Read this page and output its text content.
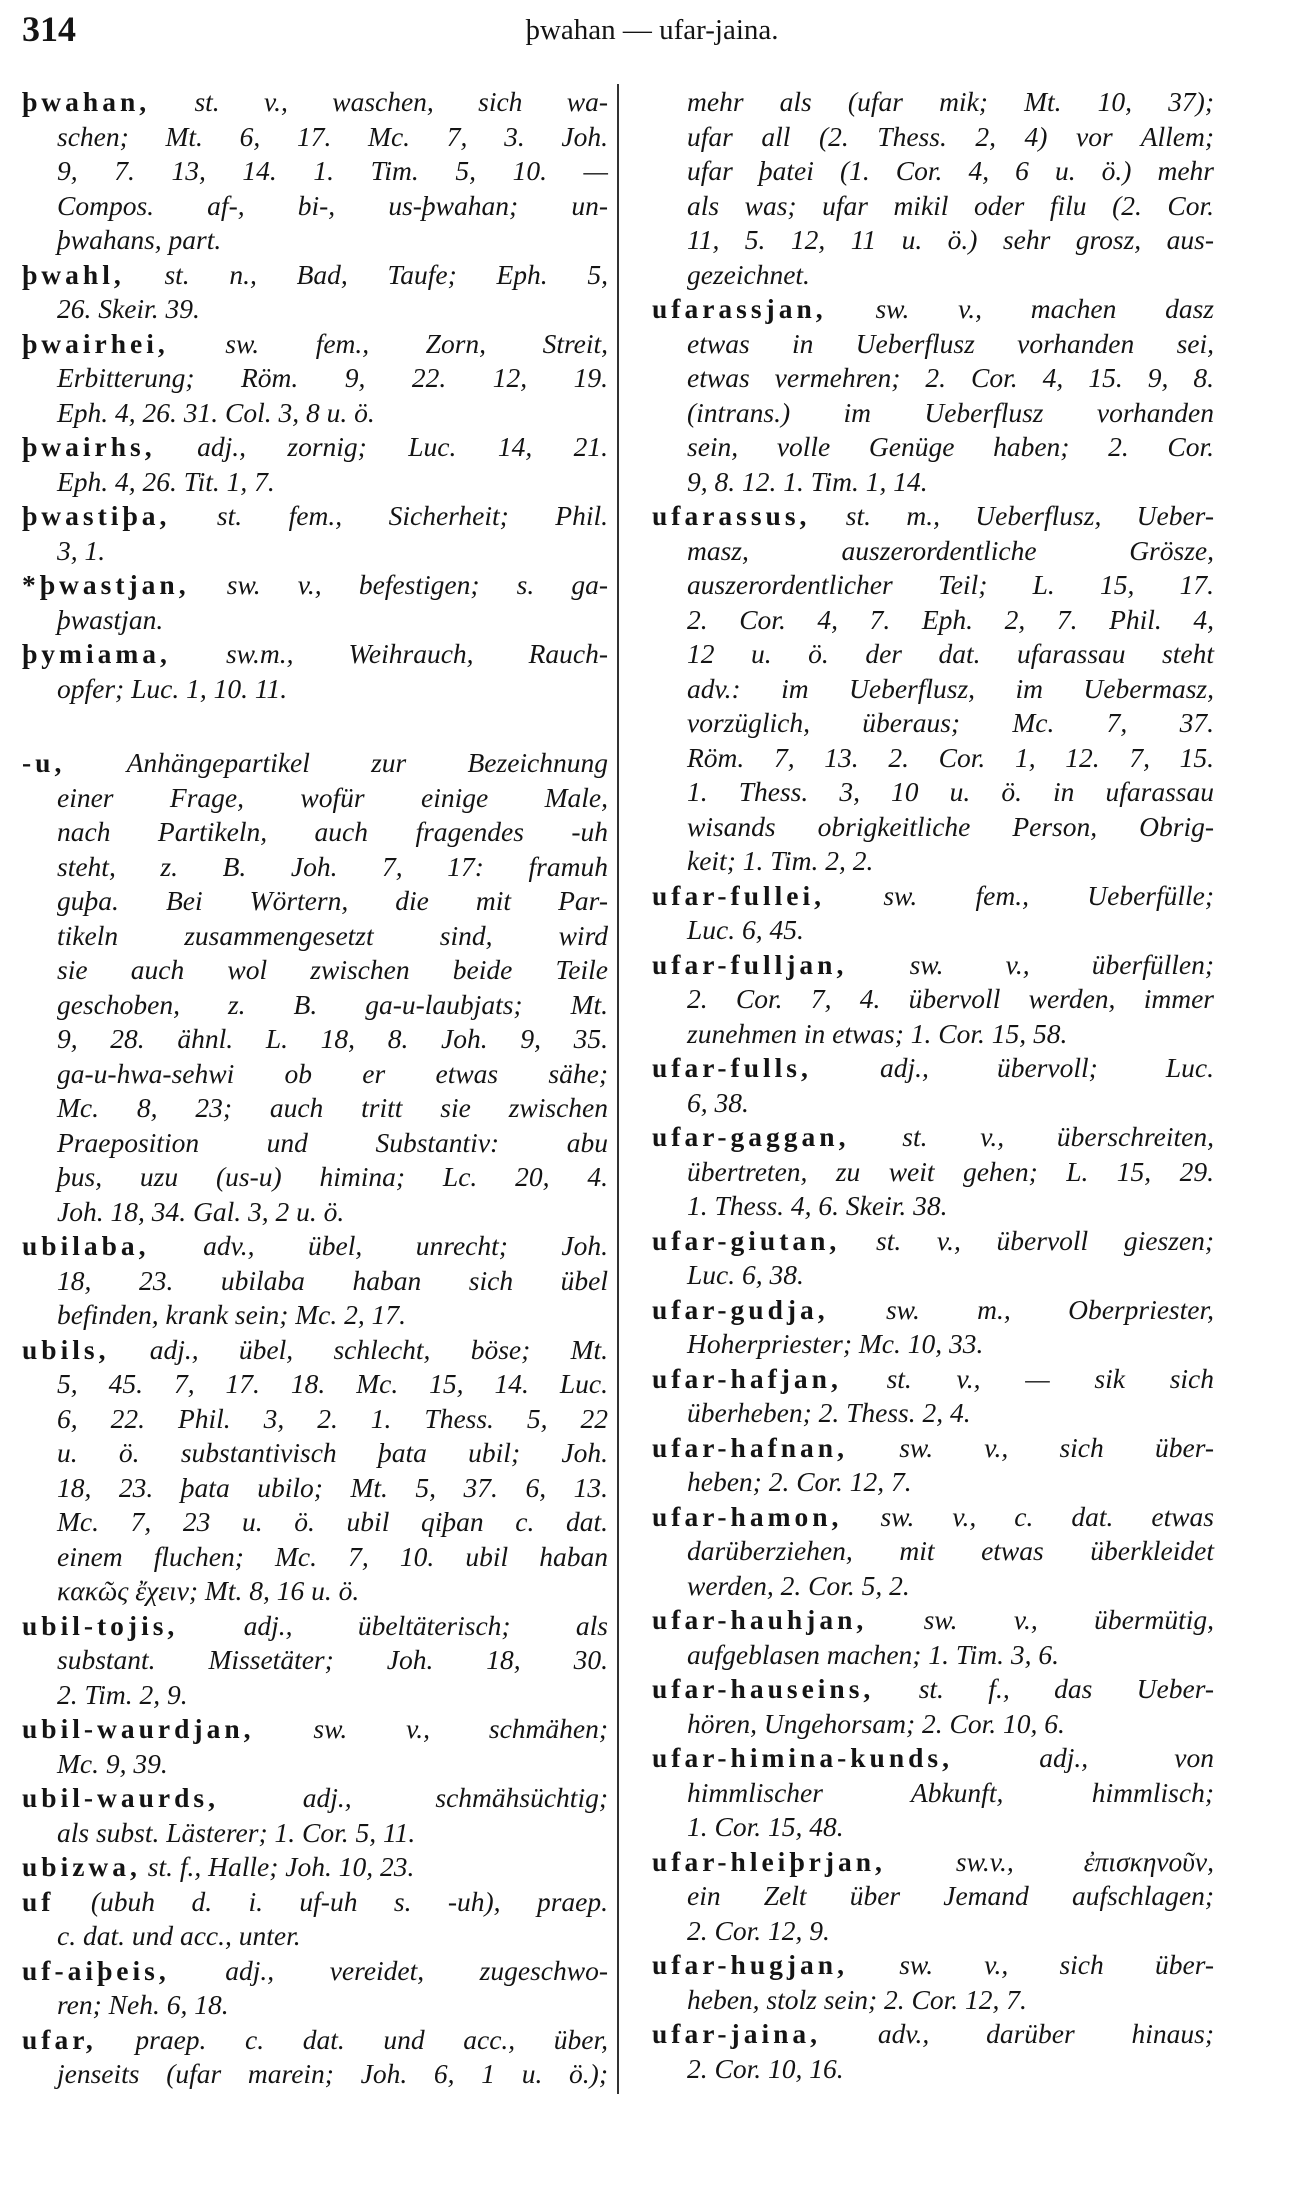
314	þwahan — ufar-jaina.
þwahan, st. v., waschen, sich wa-
schen; Mt. 6, 17. Mc. 7, 3. Joh.
9, 7. 13, 14. 1. Tim. 5, 10. —
Compos. af-, bi-, us-þwahan; un-
þwahans, part.
þwahl, st. n., Bad, Taufe; Eph. 5,
26. Skeir. 39.
þwairhei, sw. fem., Zorn, Streit,
Erbitterung; Röm. 9, 22. 12, 19.
Eph. 4, 26. 31. Col. 3, 8 u. ö.
þwairhs, adj., zornig; Luc. 14, 21.
Eph. 4, 26. Tit. 1, 7.
þwastiþa, st. fem., Sicherheit; Phil.
3, 1.
*þwastjan, sw. v., befestigen; s. ga-
þwastjan.
þymiama, sw.m., Weihrauch, Rauch-
opfer; Luc. 1, 10. 11.
-u, Anhängepartikel zur Bezeichnung
einer Frage, wofür einige Male,
nach Partikeln, auch fragendes -uh
steht, z. B. Joh. 7, 17: framuh
guþa. Bei Wörtern, die mit Par-
tikeln zusammengesetzt sind, wird
sie auch wol zwischen beide Teile
geschoben, z. B. ga-u-laubjats; Mt.
9, 28. ähnl. L. 18, 8. Joh. 9, 35.
ga-u-hwa-sehwi ob er etwas sähe;
Mc. 8, 23; auch tritt sie zwischen
Praeposition und Substantiv: abu
þus, uzu (us-u) himina; Lc. 20, 4.
Joh. 18, 34. Gal. 3, 2 u. ö.
ubilaba, adv., übel, unrecht; Joh.
18, 23. ubilaba haban sich übel
befinden, krank sein; Mc. 2, 17.
ubils, adj., übel, schlecht, böse; Mt.
5, 45. 7, 17. 18. Mc. 15, 14. Luc.
6, 22. Phil. 3, 2. 1. Thess. 5, 22
u. ö. substantivisch þata ubil; Joh.
18, 23. þata ubilo; Mt. 5, 37. 6, 13.
Mc. 7, 23 u. ö. ubil qiþan c. dat.
einem fluchen; Mc. 7, 10. ubil haban
κακῶς ἔχειν; Mt. 8, 16 u. ö.
ubil-tojis, adj., übeltäterisch; als
substant. Missetäter; Joh. 18, 30.
2. Tim. 2, 9.
ubil-waurdjan, sw. v., schmähen;
Mc. 9, 39.
ubil-waurds,	adj., schmähsüchtig;
als subst. Lästerer; 1. Cor. 5, 11.
ubizwa, st. f., Halle; Joh. 10, 23.
uf (ubuh d. i. uf-uh s. -uh), praep.
c. dat. und acc., unter.
uf-aiþeis, adj., vereidet, zugeschwo-
ren; Neh. 6, 18.
ufar, praep. c. dat. und acc., über,
jenseits (ufar marein; Joh. 6, 1 u. ö.);
mehr als (ufar mik; Mt. 10, 37);
ufar all (2. Thess. 2, 4) vor Allem;
ufar þatei (1. Cor. 4, 6 u. ö.) mehr
als was; ufar mikil oder filu (2. Cor.
11, 5. 12, 11 u. ö.) sehr grosz, aus-
gezeichnet.
ufarassjan, sw. v., machen dasz
etwas in Ueberflusz vorhanden sei,
etwas vermehren; 2. Cor. 4, 15. 9, 8.
(intrans.) im Ueberflusz vorhanden
sein, volle Genüge haben; 2. Cor.
9, 8. 12. 1. Tim. 1, 14.
ufarassus, st. m., Ueberflusz, Ueber-
masz, auszerordentliche Grösze,
auszerordentlicher Teil; L. 15, 17.
2. Cor. 4, 7. Eph. 2, 7. Phil. 4,
12 u. ö. der dat. ufarassau steht
adv.: im Ueberflusz, im Uebermasz,
vorzüglich, überaus; Mc. 7, 37.
Röm. 7, 13. 2. Cor. 1, 12. 7, 15.
1. Thess. 3, 10 u. ö. in ufarassau
wisands obrigkeitliche Person, Obrig-
keit; 1. Tim. 2, 2.
ufar-fullei, sw. fem., Ueberfülle;
Luc. 6, 45.
ufar-fulljan, sw. v., überfüllen;
2. Cor. 7, 4. übervoll werden, immer
zunehmen in etwas; 1. Cor. 15, 58.
ufar-fulls, adj., übervoll; Luc.
6, 38.
ufar-gaggan, st. v., überschreiten,
übertreten, zu weit gehen; L. 15, 29.
1. Thess. 4, 6. Skeir. 38.
ufar-giutan, st. v., übervoll gieszen;
Luc. 6, 38.
ufar-gudja, sw. m., Oberpriester,
Hoherpriester; Mc. 10, 33.
ufar-hafjan, st. v., — sik sich
überheben; 2. Thess. 2, 4.
ufar-hafnan, sw. v., sich über-
heben; 2. Cor. 12, 7.
ufar-hamon, sw. v., c. dat. etwas
darüberziehen, mit etwas überkleidet
werden, 2. Cor. 5, 2.
ufar-hauhjan, sw. v., übermütig,
aufgeblasen machen; 1. Tim. 3, 6.
ufar-hauseins, st. f., das Ueber-
hören, Ungehorsam; 2. Cor. 10, 6.
ufar-himina-kunds,	adj., von
himmlischer Abkunft, himmlisch;
1. Cor. 15, 48.
ufar-hleiþrjan,	sw.v., ἐπισκηνοῦν,
ein Zelt über Jemand aufschlagen;
2. Cor. 12, 9.
ufar-hugjan, sw. v., sich über-
heben, stolz sein; 2. Cor. 12, 7.
ufar-jaina, adv., darüber hinaus;
2. Cor. 10, 16.
